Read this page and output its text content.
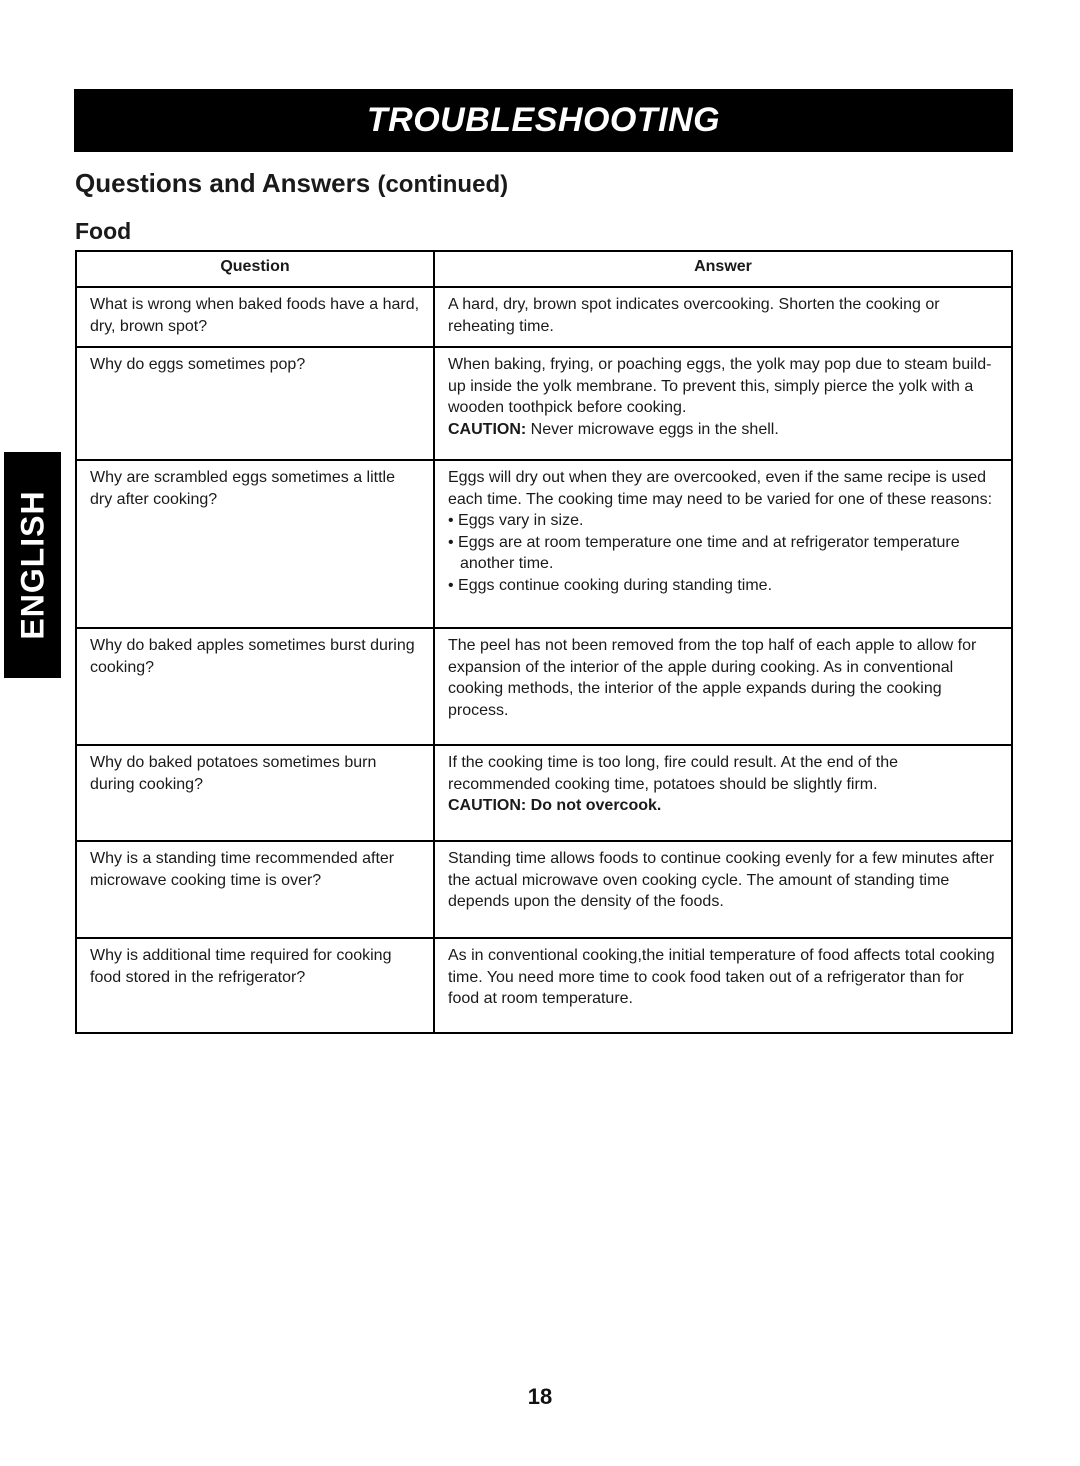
TROUBLESHOOTING
ENGLISH
Questions and Answers (continued)
Food
Question	Answer
What is wrong when baked foods have a hard, dry, brown spot?	A hard, dry, brown spot indicates overcooking. Shorten the cooking or reheating time.

Why do eggs sometimes pop?	When baking, frying, or poaching eggs, the yolk may pop due to steam build-up inside the yolk membrane. To prevent this, simply pierce the yolk with a wooden toothpick before cooking.
CAUTION: Never microwave eggs in the shell.

Why are scrambled eggs sometimes a little dry after cooking?	Eggs will dry out when they are overcooked, even if the same recipe is used each time. The cooking time may need to be varied for one of these reasons:
• Eggs vary in size.
• Eggs are at room temperature one time and at refrigerator temperature another time.
• Eggs continue cooking during standing time.

Why do baked apples sometimes burst during cooking?	The peel has not been removed from the top half of each apple to allow for expansion of the interior of the apple during cooking. As in conventional cooking methods, the interior of the apple expands during the cooking process.

Why do baked potatoes sometimes burn during cooking?	If the cooking time is too long, fire could result. At the end of the recommended cooking time, potatoes should be slightly firm.
CAUTION: Do not overcook.

Why is a standing time recommended after microwave cooking time is over?	Standing time allows foods to continue cooking evenly for a few minutes after the actual microwave oven cooking cycle. The amount of standing time depends upon the density of the foods.

Why is additional time required for cooking food stored in the refrigerator?	As in conventional cooking,the initial temperature of food affects total cooking time. You need more time to cook food taken out of a refrigerator than for food at room temperature.
18
